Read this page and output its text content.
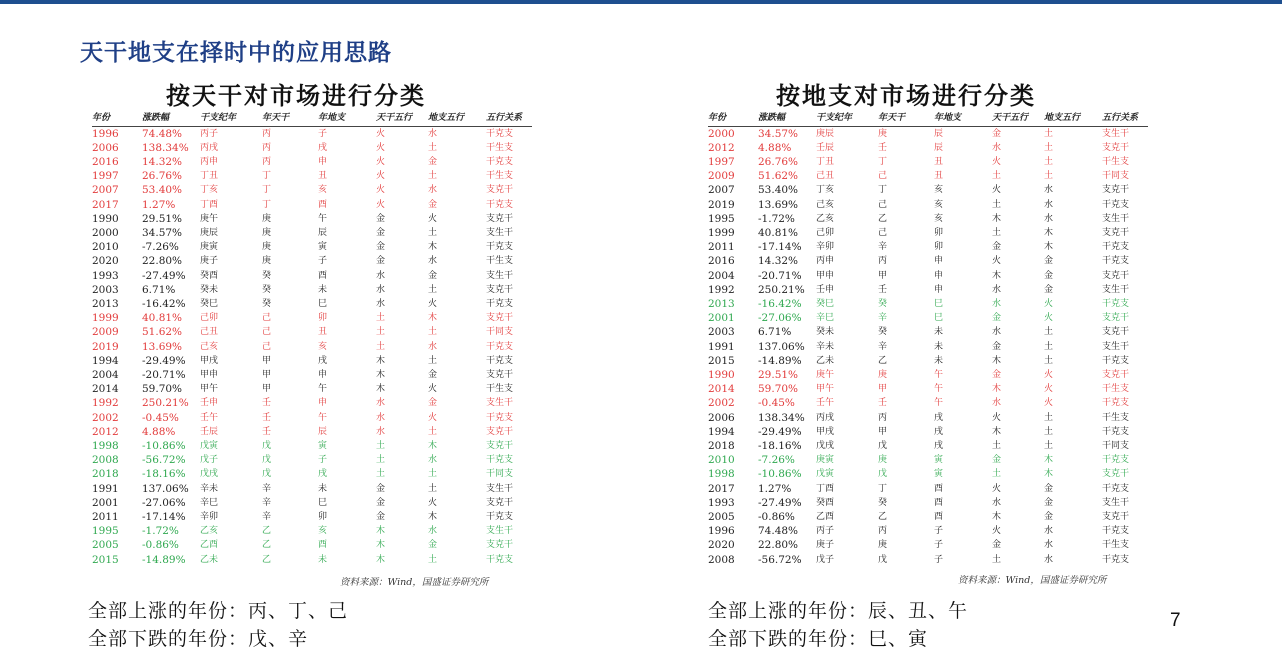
天干地支在择时中的应用思路
按天干对市场进行分类
年份	涨跌幅	干支纪年	年天干	年地支	天干五行	地支五行	五行关系
1996	74.48%	丙子	丙	子	火	水	干克支
2006	138.34%	丙戌	丙	戌	火	土	干生支
2016	14.32%	丙申	丙	申	火	金	干克支
1997	26.76%	丁丑	丁	丑	火	土	干生支
2007	53.40%	丁亥	丁	亥	火	水	支克干
2017	1.27%	丁酉	丁	酉	火	金	干克支
1990	29.51%	庚午	庚	午	金	火	支克干
2000	34.57%	庚辰	庚	辰	金	土	支生干
2010	-7.26%	庚寅	庚	寅	金	木	干克支
2020	22.80%	庚子	庚	子	金	水	干生支
1993	-27.49%	癸酉	癸	酉	水	金	支生干
2003	6.71%	癸未	癸	未	水	土	支克干
2013	-16.42%	癸巳	癸	巳	水	火	干克支
1999	40.81%	己卯	己	卯	土	木	支克干
2009	51.62%	己丑	己	丑	土	土	干同支
2019	13.69%	己亥	己	亥	土	水	干克支
1994	-29.49%	甲戌	甲	戌	木	土	干克支
2004	-20.71%	甲申	甲	申	木	金	支克干
2014	59.70%	甲午	甲	午	木	火	干生支
1992	250.21%	壬申	壬	申	水	金	支生干
2002	-0.45%	壬午	壬	午	水	火	干克支
2012	4.88%	壬辰	壬	辰	水	土	支克干
1998	-10.86%	戊寅	戊	寅	土	木	支克干
2008	-56.72%	戊子	戊	子	土	水	干克支
2018	-18.16%	戊戌	戊	戌	土	土	干同支
1991	137.06%	辛未	辛	未	金	土	支生干
2001	-27.06%	辛巳	辛	巳	金	火	支克干
2011	-17.14%	辛卯	辛	卯	金	木	干克支
1995	-1.72%	乙亥	乙	亥	木	水	支生干
2005	-0.86%	乙酉	乙	酉	木	金	支克干
2015	-14.89%	乙未	乙	未	木	土	干克支
资料来源：Wind，国盛证券研究所
全部上涨的年份：丙、丁、己
全部下跌的年份：戊、辛
按地支对市场进行分类
年份	涨跌幅	干支纪年	年天干	年地支	天干五行	地支五行	五行关系
2000	34.57%	庚辰	庚	辰	金	土	支生干
2012	4.88%	壬辰	壬	辰	水	土	支克干
1997	26.76%	丁丑	丁	丑	火	土	干生支
2009	51.62%	己丑	己	丑	土	土	干同支
2007	53.40%	丁亥	丁	亥	火	水	支克干
2019	13.69%	己亥	己	亥	土	水	干克支
1995	-1.72%	乙亥	乙	亥	木	水	支生干
1999	40.81%	己卯	己	卯	土	木	支克干
2011	-17.14%	辛卯	辛	卯	金	木	干克支
2016	14.32%	丙申	丙	申	火	金	干克支
2004	-20.71%	甲申	甲	申	木	金	支克干
1992	250.21%	壬申	壬	申	水	金	支生干
2013	-16.42%	癸巳	癸	巳	水	火	干克支
2001	-27.06%	辛巳	辛	巳	金	火	支克干
2003	6.71%	癸未	癸	未	水	土	支克干
1991	137.06%	辛未	辛	未	金	土	支生干
2015	-14.89%	乙未	乙	未	木	土	干克支
1990	29.51%	庚午	庚	午	金	火	支克干
2014	59.70%	甲午	甲	午	木	火	干生支
2002	-0.45%	壬午	壬	午	水	火	干克支
2006	138.34%	丙戌	丙	戌	火	土	干生支
1994	-29.49%	甲戌	甲	戌	木	土	干克支
2018	-18.16%	戊戌	戊	戌	土	土	干同支
2010	-7.26%	庚寅	庚	寅	金	木	干克支
1998	-10.86%	戊寅	戊	寅	土	木	支克干
2017	1.27%	丁酉	丁	酉	火	金	干克支
1993	-27.49%	癸酉	癸	酉	水	金	支生干
2005	-0.86%	乙酉	乙	酉	木	金	支克干
1996	74.48%	丙子	丙	子	火	水	干克支
2020	22.80%	庚子	庚	子	金	水	干生支
2008	-56.72%	戊子	戊	子	土	水	干克支
资料来源：Wind，国盛证券研究所
全部上涨的年份：辰、丑、午
全部下跌的年份：巳、寅
7
